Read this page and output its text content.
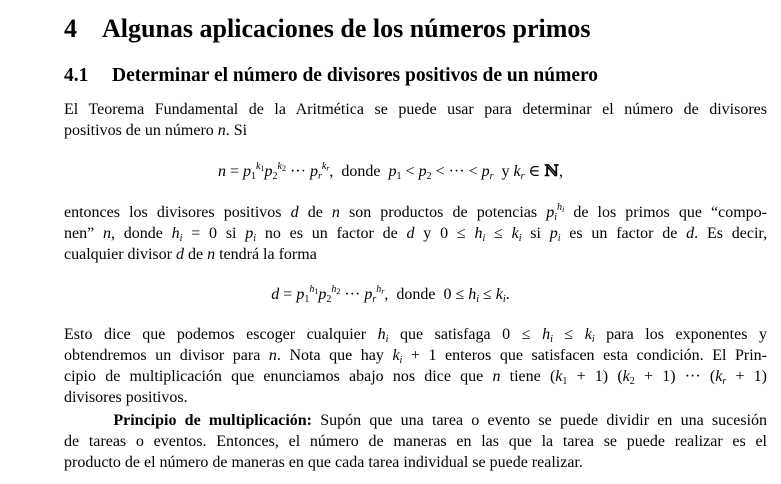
4 Algunas aplicaciones de los números primos
4.1 Determinar el número de divisores positivos de un número
El Teorema Fundamental de la Aritmética se puede usar para determinar el número de divisores
positivos de un número n. Si
$n = p_1^{k_1}p_2^{k_2}$ ··· $p_r^{k_r}$,  donde $p_1 < p_2$ < ··· < $p_r$ y $k_r$ ∈ ℕ,
entonces los divisores positivos d de n son productos de potencias $p_i^{h_i}$ de los primos que “compo-
nen” n, donde $h_i = 0$ si $p_i$ no es un factor de d y $0 \le h_i \le k_i$ si $p_i$ es un factor de d. Es decir,
cualquier divisor d de n tendrá la forma
$d = p_1^{h_1}p_2^{h_2}$ ··· $p_r^{h_r}$,  donde  $0 \le h_i \le k_i$.
Esto dice que podemos escoger cualquier $h_i$ que satisfaga $0 \le h_i \le k_i$ para los exponentes y
obtendremos un divisor para n. Nota que hay $k_i + 1$ enteros que satisfacen esta condición. El Prin-
cipio de multiplicación que enunciamos abajo nos dice que n tiene $(k_1 + 1) (k_2 + 1)$ ··· $(k_r + 1)$
divisores positivos.
Principio de multiplicación: Supón que una tarea o evento se puede dividir en una sucesión
de tareas o eventos. Entonces, el número de maneras en las que la tarea se puede realizar es el
producto de el número de maneras en que cada tarea individual se puede realizar.
